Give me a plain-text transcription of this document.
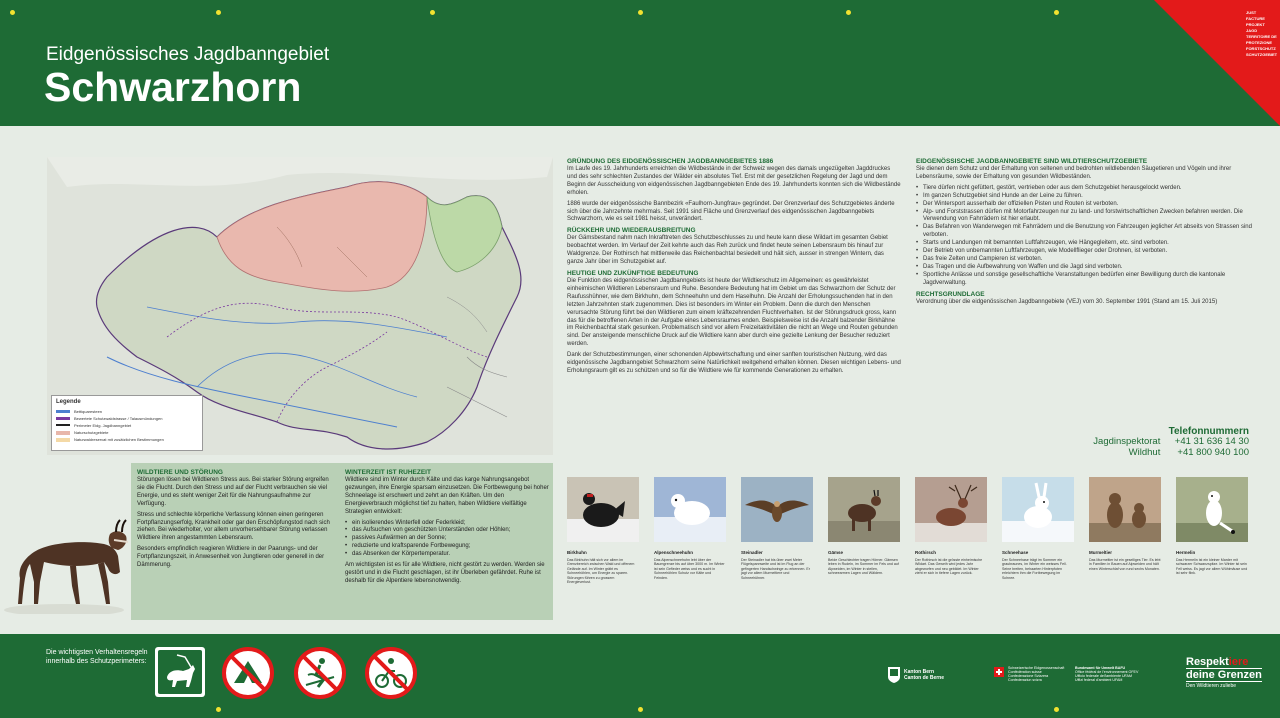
Eidgenössisches Jagdbanngebiet
Schwarzhorn
JUST
FACTURE
PROJEKT
JAGD
TERRITOIRE DE
PROTEZIONE
FORSTSCHUTZ
SCHUTZGEBIET
Legende
Bettiquaresteen
Bewertete Schutzwaldstrasse / Talausmündungen
Perimeter Eidg. Jagdbanngebiet
Naturschutzgebiete
Naturwaldreservat mit zusätzlichen Bestimmungen
GRÜNDUNG DES EIDGENÖSSISCHEN JAGDBANNGEBIETES 1886

Im Laufe des 19. Jahrhunderts erreichten die Wildbestände in der Schweiz wegen des damals ungezügelten Jagddruckes und des sehr schlechten Zustandes der Wälder ein absolutes Tief. Erst mit der gesetzlichen Regelung der Jagd und dem Beginn der Ausscheidung von eidgenössischen Jagdbanngebieten Ende des 19. Jahrhunderts konnten sich die Wildbestände erholen.

1886 wurde der eidgenössische Bannbezirk «Faulhorn-Jungfrau» gegründet. Der Grenzverlauf des Schutzgebietes änderte sich über die Jahrzehnte mehrmals. Seit 1991 sind Fläche und Grenzverlauf des eidgenössischen Jagdbanngebiets Schwarzhorn, wie es seit 1981 heisst, unverändert.

RÜCKKEHR UND WIEDERAUSBREITUNG

Der Gämsbestand nahm nach Inkrafttreten des Schutzbeschlusses zu und heute kann diese Wildart im gesamten Gebiet beobachtet werden. Im Verlauf der Zeit kehrte auch das Reh zurück und findet heute seinen Lebensraum bis hinauf zur Waldgrenze. Der Rothirsch hat mittlerweile das Reichenbachtal besiedelt und hält sich, ausser in strengen Wintern, das ganze Jahr über im Schutzgebiet auf.

HEUTIGE UND ZUKÜNFTIGE BEDEUTUNG

Die Funktion des eidgenössischen Jagdbanngebiets ist heute der Wildtierschutz im Allgemeinen: es gewährleistet einheimischen Wildtieren Lebensraum und Ruhe. Besondere Bedeutung hat im Gebiet um das Schwarzhorn der Schutz der Raufusshühner, wie dem Birkhuhn, dem Schneehuhn und dem Haselhuhn. Die Anzahl der Erholungssuchenden hat in den letzten Jahrzehnten stark zugenommen. Dies ist besonders im Winter ein Problem. Denn die durch den Menschen verursachte Störung führt bei den Wildtieren zum einem kräftezehrenden Fluchtverhalten. Ist der Störungsdruck gross, kann das für die betroffenen Arten in der Aufgabe eines Lebensraumes enden. Beispielsweise ist die Anzahl balzender Birkhähne im Reichenbachtal stark gesunken. Problematisch sind vor allem Freizeitaktivitäten die nicht an Wege und Routen gebunden sind. Der ansteigende menschliche Druck auf die Wildtiere kann aber durch eine gezielte Lenkung der Besucher reduziert werden.

Dank der Schutzbestimmungen, einer schonenden Alpbewirtschaftung und einer sanften touristischen Nutzung, wird das eidgenössische Jagdbanngebiet Schwarzhorn seine Natürlichkeit weitgehend erhalten können. Diesen wichtigen Lebens- und Erholungsraum gilt es zu schützen und so für die Wildtiere wie für kommende Generationen zu erhalten.

EIDGENÖSSISCHE JAGDBANNGEBIETE SIND WILDTIERSCHUTZGEBIETE

Sie dienen dem Schutz und der Erhaltung von seltenen und bedrohten wildlebenden Säugetieren und Vögeln und ihrer Lebensräume, sowie der Erhaltung von gesunden Wildbeständen.

• Tiere dürfen nicht gefüttert, gestört, vertrieben oder aus dem Schutzgebiet herausgelockt werden.
• Im ganzen Schutzgebiet sind Hunde an der Leine zu führen.
• Der Wintersport ausserhalb der offiziellen Pisten und Routen ist verboten.
• Alp- und Forststrassen dürfen mit Motorfahrzeugen nur zu land- und forstwirtschaftlichen Zwecken befahren werden. Die Verwendung von Fahrrädern ist hier erlaubt.
• Das Befahren von Wanderwegen mit Fahrrädern und die Benutzung von Fahrzeugen jeglicher Art abseits von Strassen sind verboten.
• Starts und Landungen mit bemannten Luftfahrzeugen, wie Hängegleitern, etc. sind verboten.
• Der Betrieb von unbemannten Luftfahrzeugen, wie Modellflieger oder Drohnen, ist verboten.
• Das freie Zelten und Campieren ist verboten.
• Das Tragen und die Aufbewahrung von Waffen und die Jagd sind verboten.
• Sportliche Anlässe und sonstige gesellschaftliche Veranstaltungen bedürfen einer Bewilligung durch die kantonale Jagdverwaltung.
RECHTSGRUNDLAGE

Verordnung über die eidgenössischen Jagdbanngebiete (VEJ) vom 30. September 1991 (Stand am 15. Juli 2015)

Telefonnummern
Jagdinspektorat +41 31 636 14 30
Wildhut +41 800 940 100
WILDTIERE UND STÖRUNG

Störungen lösen bei Wildtieren Stress aus. Bei starker Störung ergreifen sie die Flucht. Durch den Stress und auf der Flucht verbrauchen sie viel Energie, und es steht weniger Zeit für die Nahrungsaufnahme zur Verfügung.

Stress und schlechte körperliche Verfassung können einen geringeren Fortpflanzungserfolg, Krankheit oder gar den Erschöpfungstod nach sich ziehen. Bei wiederholter, vor allem unvorhersehbarer Störung verlassen Wildtiere ihren angestammten Lebensraum.

Besonders empfindlich reagieren Wildtiere in der Paarungs- und der Fortpflanzungszeit, in Anwesenheit von Jungtieren oder generell in der Dämmerung.

WINTERZEIT IST RUHEZEIT

Wildtiere sind im Winter durch Kälte und das karge Nahrungsangebot gezwungen, ihre Energie sparsam einzusetzen. Die Fortbewegung bei hoher Schneelage ist erschwert und zehrt an den Kräften. Um den Energieverbrauch möglichst tief zu halten, haben Wildtiere vielfältige Strategien entwickelt:

• ein isolierendes Winterfell oder Federkleid;
• das Aufsuchen von geschützten Unterständen oder Höhlen;
• passives Aufwärmen an der Sonne;
• reduzierte und kraftsparende Fortbewegung;
• das Absenken der Körpertemperatur.

Am wichtigsten ist es für alle Wildtiere, nicht gestört zu werden. Werden sie gestört und in die Flucht geschlagen, ist ihr Überleben gefährdet. Ruhe ist deshalb für die Alpentiere lebensnotwendig.

Birkhuhn
Das Birkhuhn hält sich vor allem im Grenzbereich zwischen Wald und offenem Gelände auf. Im Winter gräbt es Schneehöhlen, um Energie zu sparen. Störungen führen zu grossem Energieverlust.
Alpenschneehuhn
Das Alpenschneehuhn lebt über der Baumgrenze bis auf über 3000 m. Im Winter ist sein Gefieder weiss und es sucht in Schneehöhlen Schutz vor Kälte und Feinden.
Steinadler
Der Steinadler hat bis über zwei Meter Flügelspannweite und ist im Flug an der gefingerten Handschwinge zu erkennen. Er jagt vor allem Murmeltiere und Schneehühner.
Gämse
Beide Geschlechter tragen Hörner. Gämsen leben in Rudeln, im Sommer im Fels und auf Alpweiden, im Winter in steilen, schneearmen Lagen und Wäldern.
Rothirsch
Der Rothirsch ist die grösste einheimische Wildart. Das Geweih wird jedes Jahr abgeworfen und neu gebildet. Im Winter zieht er sich in tiefere Lagen zurück.
Schneehase
Der Schneehase trägt im Sommer ein graubraunes, im Winter ein weisses Fell. Seine breiten, behaarten Hinterpfoten erleichtern ihm die Fortbewegung im Schnee.
Murmeltier
Das Murmeltier ist ein geselliges Tier. Es lebt in Familien in Bauen auf Alpweiden und hält einen Winterschlaf von rund sechs Monaten.
Hermelin
Das Hermelin ist ein kleiner Marder mit schwarzer Schwanzspitze. Im Winter ist sein Fell weiss. Es jagt vor allem Wühlmäuse und ist sehr flink.
Die wichtigsten Verhaltensregeln innerhalb des Schutzperimeters:
Kanton Bern
Canton de Berne
Schweizerische Eidgenossenschaft
Confédération suisse
Confederazione Svizzera
Confederaziun svizra
Bundesamt für Umwelt BAFU
Office fédéral de l'environnement OFEV
Ufficio federale dell'ambiente UFAM
Uffizi federal d'ambient UFAM
Respektiere
deine Grenzen
Den Wildtieren zuliebe
